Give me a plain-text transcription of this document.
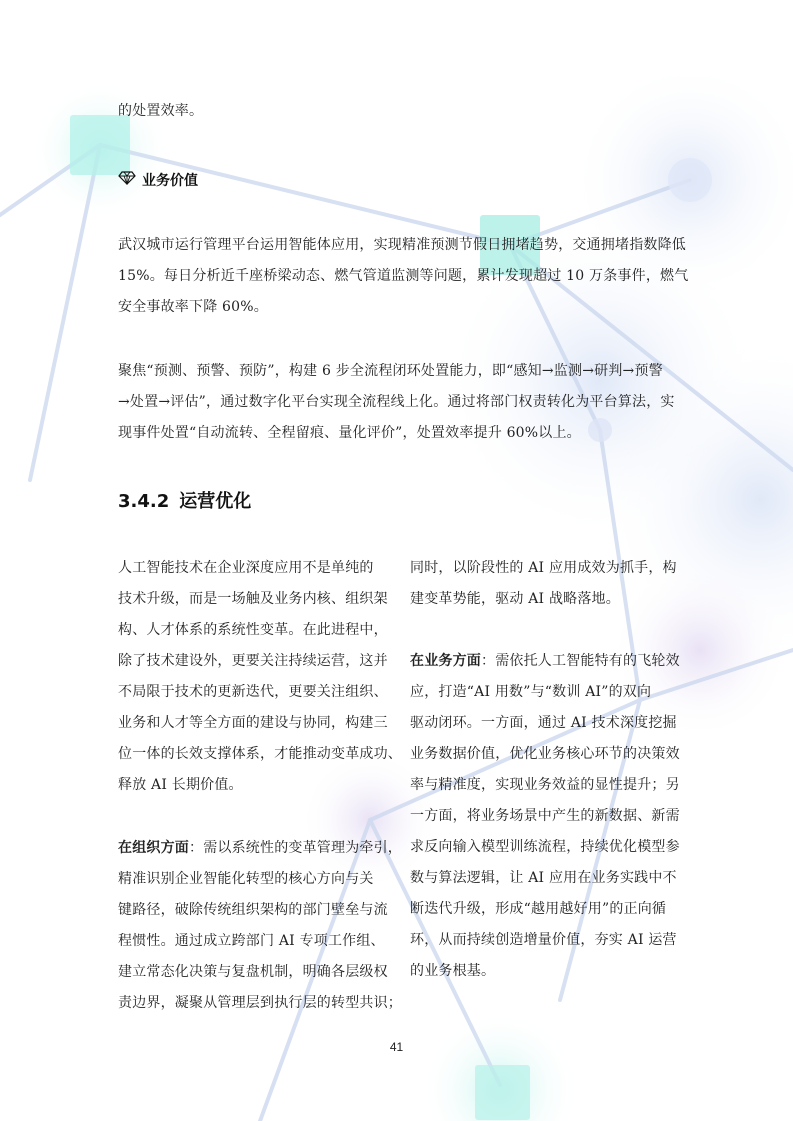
的处置效率。
业务价值
武汉城市运行管理平台运用智能体应用，实现精准预测节假日拥堵趋势，交通拥堵指数降低
15%。每日分析近千座桥梁动态、燃气管道监测等问题，累计发现超过 10 万条事件，燃气
安全事故率下降 60%。
聚焦“预测、预警、预防”，构建 6 步全流程闭环处置能力，即“感知→监测→研判→预警
→处置→评估”，通过数字化平台实现全流程线上化。通过将部门权责转化为平台算法，实
现事件处置“自动流转、全程留痕、量化评价”，处置效率提升 60%以上。
3.4.2 运营优化
人工智能技术在企业深度应用不是单纯的
技术升级，而是一场触及业务内核、组织架
构、人才体系的系统性变革。在此进程中，
除了技术建设外，更要关注持续运营，这并
不局限于技术的更新迭代，更要关注组织、
业务和人才等全方面的建设与协同，构建三
位一体的长效支撑体系，才能推动变革成功、
释放 AI 长期价值。
在组织方面：需以系统性的变革管理为牵引，
精准识别企业智能化转型的核心方向与关
键路径，破除传统组织架构的部门壁垒与流
程惯性。通过成立跨部门 AI 专项工作组、
建立常态化决策与复盘机制，明确各层级权
责边界，凝聚从管理层到执行层的转型共识；
同时，以阶段性的 AI 应用成效为抓手，构
建变革势能，驱动 AI 战略落地。
在业务方面：需依托人工智能特有的飞轮效
应，打造“AI 用数”与“数训 AI”的双向
驱动闭环。一方面，通过 AI 技术深度挖掘
业务数据价值，优化业务核心环节的决策效
率与精准度，实现业务效益的显性提升；另
一方面，将业务场景中产生的新数据、新需
求反向输入模型训练流程，持续优化模型参
数与算法逻辑，让 AI 应用在业务实践中不
断迭代升级，形成“越用越好用”的正向循
环，从而持续创造增量价值，夯实 AI 运营
的业务根基。
41
